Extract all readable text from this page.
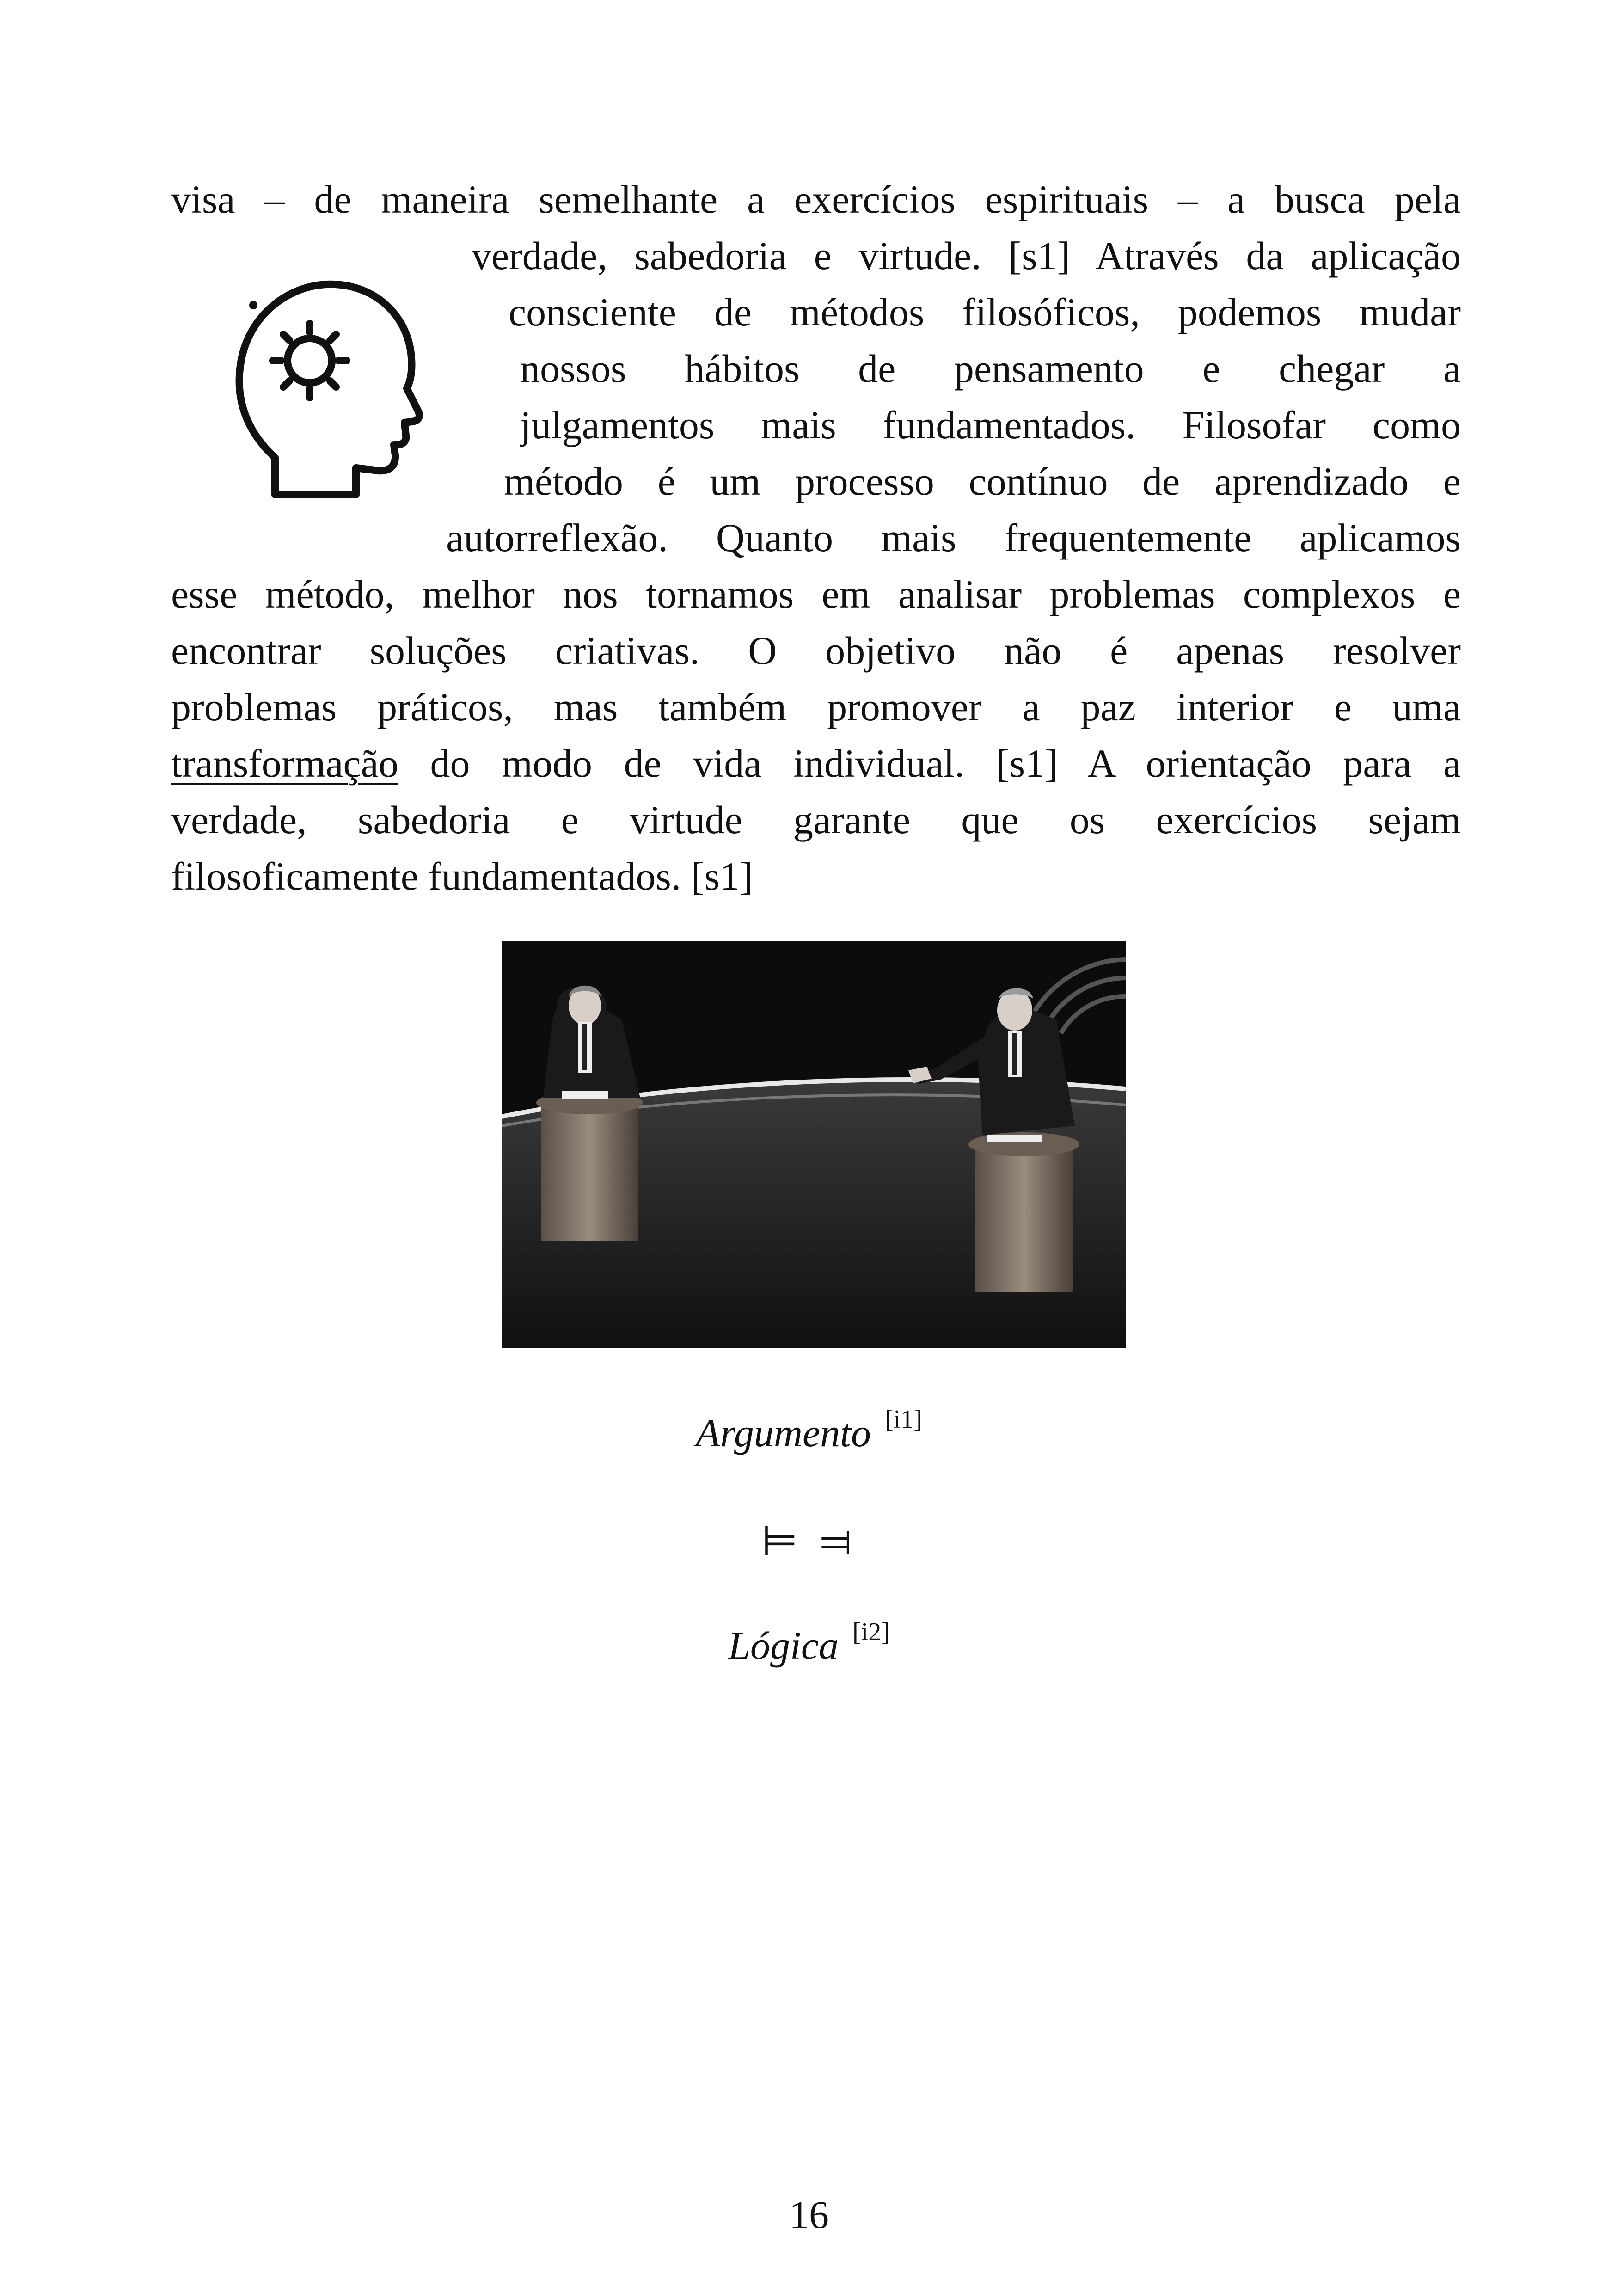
visa – de maneira semelhante a exercícios espirituais – a busca pela
verdade, sabedoria e virtude. [s1] Através da aplicação
consciente de métodos filosóficos, podemos mudar
nossos hábitos de pensamento e chegar a
julgamentos mais fundamentados. Filosofar como
método é um processo contínuo de aprendizado e
autorreflexão. Quanto mais frequentemente aplicamos
esse método, melhor nos tornamos em analisar problemas complexos e
encontrar soluções criativas. O objetivo não é apenas resolver
problemas práticos, mas também promover a paz interior e uma
transformação do modo de vida individual. [s1] A orientação para a
verdade, sabedoria e virtude garante que os exercícios sejam
filosoficamente fundamentados. [s1]
Argumento [i1]
⊨ ⫤
Lógica [i2]
16
